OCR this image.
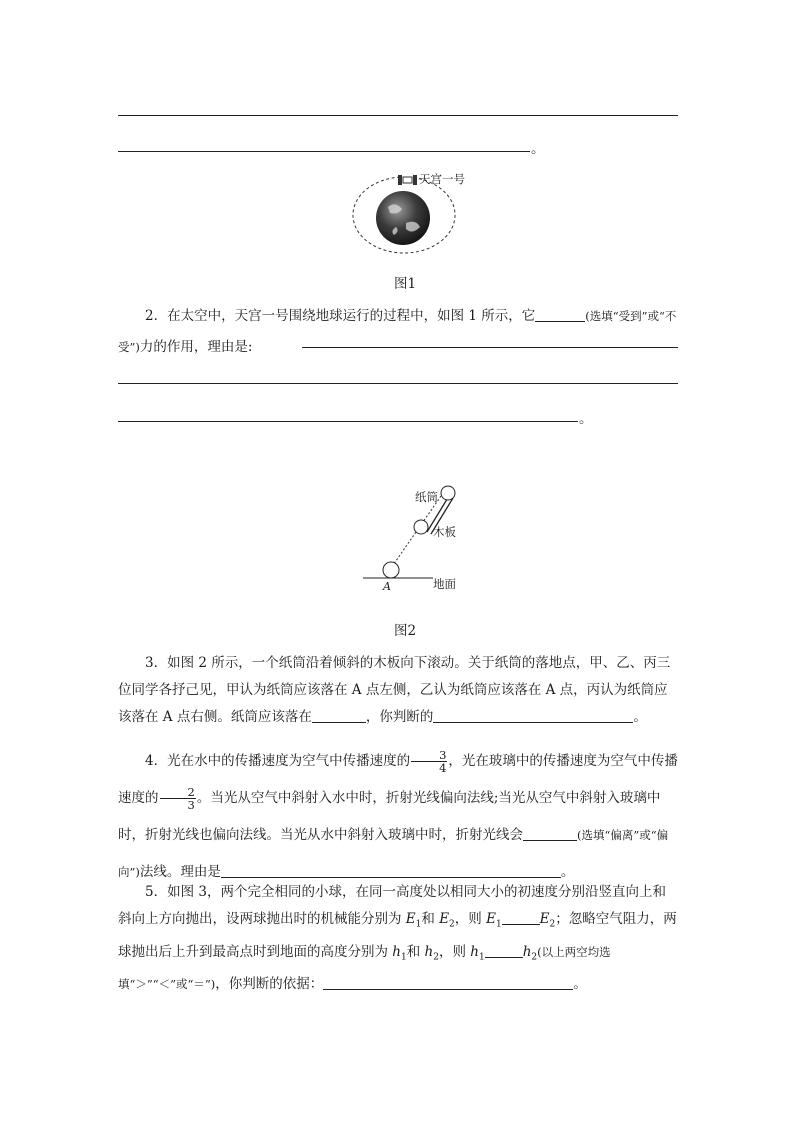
。
天宫一号
图1
2．在太空中，天宫一号围绕地球运行的过程中，如图 1 所示，它	(选填“受到”或“不受”)力的作用，理由是:
。
纸筒
木板
A	地面
图2
3．如图 2 所示，一个纸筒沿着倾斜的木板向下滚动。关于纸筒的落地点，甲、乙、丙三位同学各抒己见，甲认为纸筒应该落在 A 点左侧，乙认为纸筒应该落在 A 点，丙认为纸筒应该落在 A 点右侧。纸筒应该落在	，你判断的	。
4．光在水中的传播速度为空气中传播速度的 $\frac{3}{4}$ ，光在玻璃中的传播速度为空气中传播速度的 $\frac{2}{3}$ 。当光从空气中斜射入水中时，折射光线偏向法线;当光从空气中斜射入玻璃中时，折射光线也偏向法线。当光从水中斜射入玻璃中时，折射光线会	(选填“偏离”或“偏向”)法线。理由是	。
5．如图 3，两个完全相同的小球，在同一高度处以相同大小的初速度分别沿竖直向上和斜向上方向抛出，设两球抛出时的机械能分别为 $E_1$和 $E_2$，则 $E_1$	$E_2$；忽略空气阻力，两球抛出后上升到最高点时到地面的高度分别为 $h_1$和 $h_2$，则 $h_1$	$h_2$(以上两空均选填“＞”“＜”或“＝”)，你判断的依据：	。
